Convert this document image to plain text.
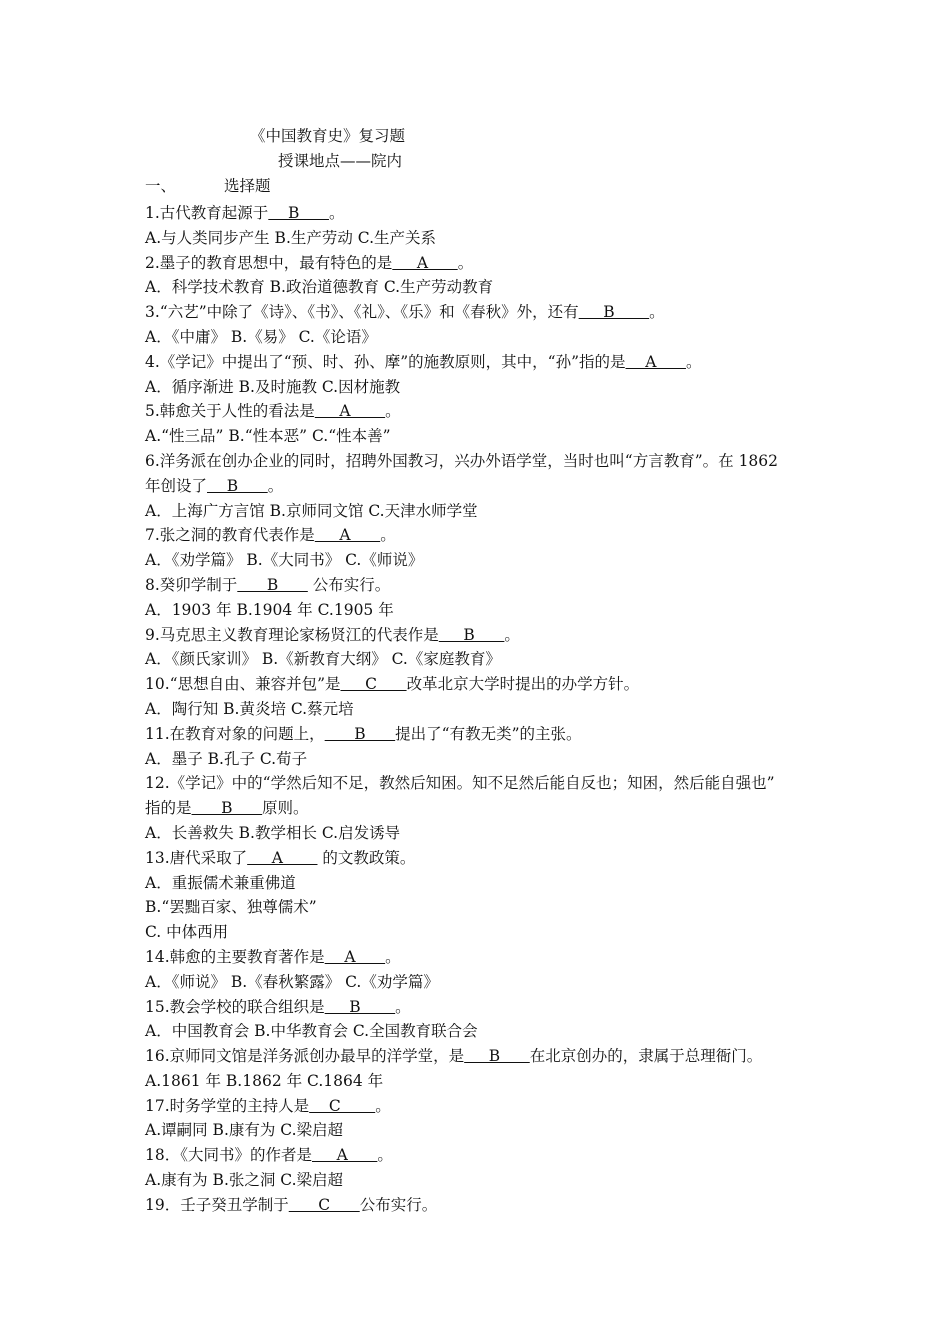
《中国教育史》复习题
授课地点——院内
一、	选择题
1.古代教育起源于    B      。
A.与人类同步产生 B.生产劳动 C.生产关系
2.墨子的教育思想中，最有特色的是     A      。
A．科学技术教育 B.政治道德教育 C.生产劳动教育
3.“六艺”中除了《诗》、《书》、《礼》、《乐》和《春秋》外，还有     B       。
A．《中庸》 B.《易》 C.《论语》
4.《学记》中提出了“预、时、孙、摩”的施教原则，其中，“孙”指的是    A      。
A．循序渐进 B.及时施教 C.因材施教
5.韩愈关于人性的看法是     A       。
A.“性三品” B.“性本恶” C.“性本善”
6.洋务派在创办企业的同时，招聘外国教习，兴办外语学堂，当时也叫“方言教育”。在 1862
年创设了    B      。
A．上海广方言馆 B.京师同文馆 C.天津水师学堂
7.张之洞的教育代表作是     A      。
A．《劝学篇》 B.《大同书》 C.《师说》
8.癸卯学制于      B       公布实行。
A．1903 年 B.1904 年 C.1905 年
9.马克思主义教育理论家杨贤江的代表作是     B      。
A．《颜氏家训》 B.《新教育大纲》 C.《家庭教育》
10.“思想自由、兼容并包”是     C      改革北京大学时提出的办学方针。
A．陶行知 B.黄炎培 C.蔡元培
11.在教育对象的问题上，      B      提出了“有教无类”的主张。
A．墨子 B.孔子 C.荀子
12.《学记》中的“学然后知不足，教然后知困。知不足然后能自反也；知困，然后能自强也”
指的是      B      原则。
A．长善救失 B.教学相长 C.启发诱导
13.唐代采取了     A        的文教政策。
A．重振儒术兼重佛道
B.“罢黜百家、独尊儒术”
C. 中体西用
14.韩愈的主要教育著作是    A      。
A．《师说》 B.《春秋繁露》 C.《劝学篇》
15.教会学校的联合组织是     B       。
A．中国教育会 B.中华教育会 C.全国教育联合会
16.京师同文馆是洋务派创办最早的洋学堂，是     B      在北京创办的，隶属于总理衙门。
A.1861 年 B.1862 年 C.1864 年
17.时务学堂的主持人是    C       。
A.谭嗣同 B.康有为 C.梁启超
18．《大同书》的作者是     A      。
A.康有为 B.张之洞 C.梁启超
19．壬子癸丑学制于      C      公布实行。
